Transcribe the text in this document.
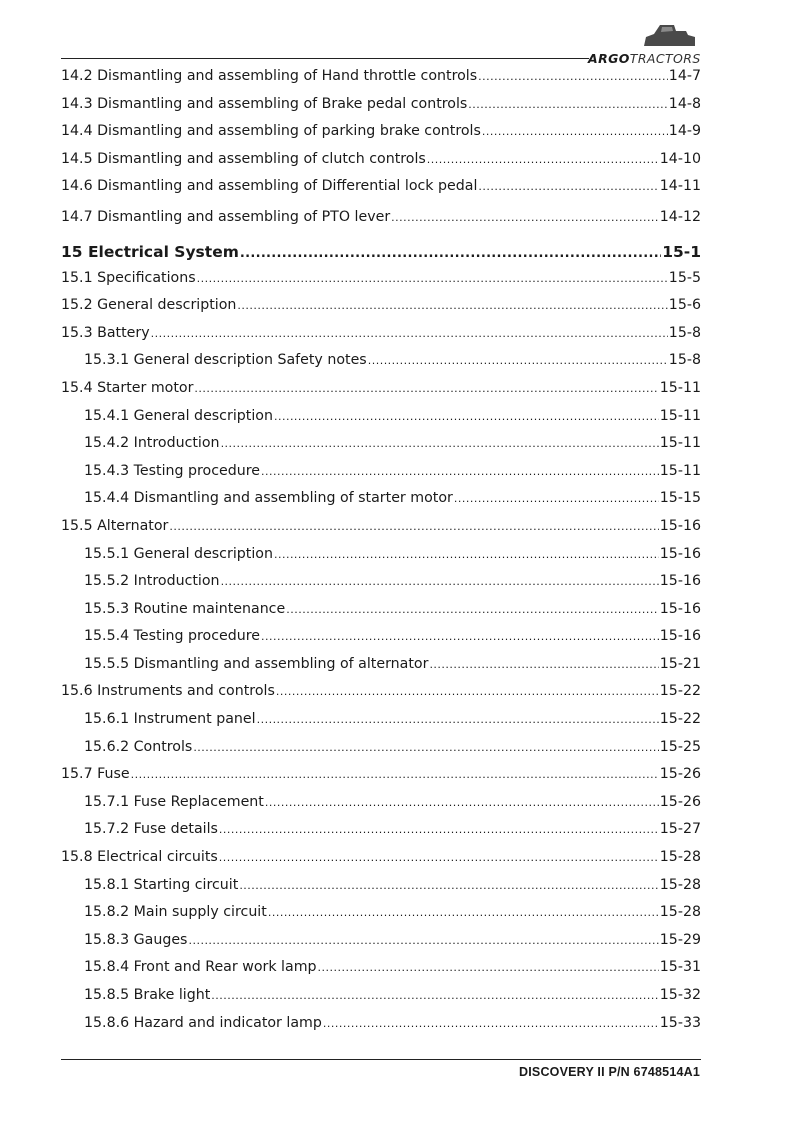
ARGOTRACTORS
14.2 Dismantling and assembling of Hand throttle controls .....	14-7
14.3 Dismantling and assembling of Brake pedal controls .....	14-8
14.4 Dismantling and assembling of parking brake controls .....	14-9
14.5 Dismantling and assembling of clutch controls .....	14-10
14.6 Dismantling and assembling of Differential lock pedal .....	14-11
14.7 Dismantling and assembling of PTO lever .....	14-12
15 Electrical System .....	15-1
15.1 Specifications .....	15-5
15.2 General description .....	15-6
15.3 Battery .....	15-8
15.3.1 General description Safety notes .....	15-8
15.4 Starter motor .....	15-11
15.4.1 General description .....	15-11
15.4.2 Introduction .....	15-11
15.4.3 Testing procedure .....	15-11
15.4.4 Dismantling and assembling of starter motor .....	15-15
15.5 Alternator .....	15-16
15.5.1 General description .....	15-16
15.5.2 Introduction .....	15-16
15.5.3 Routine maintenance .....	15-16
15.5.4 Testing procedure .....	15-16
15.5.5 Dismantling and assembling of alternator .....	15-21
15.6 Instruments and controls .....	15-22
15.6.1 Instrument panel .....	15-22
15.6.2 Controls .....	15-25
15.7 Fuse .....	15-26
15.7.1 Fuse Replacement .....	15-26
15.7.2 Fuse details .....	15-27
15.8 Electrical circuits .....	15-28
15.8.1 Starting circuit .....	15-28
15.8.2 Main supply circuit .....	15-28
15.8.3 Gauges .....	15-29
15.8.4 Front and Rear work lamp .....	15-31
15.8.5 Brake light .....	15-32
15.8.6 Hazard and indicator lamp .....	15-33
DISCOVERY II P/N 6748514A1
